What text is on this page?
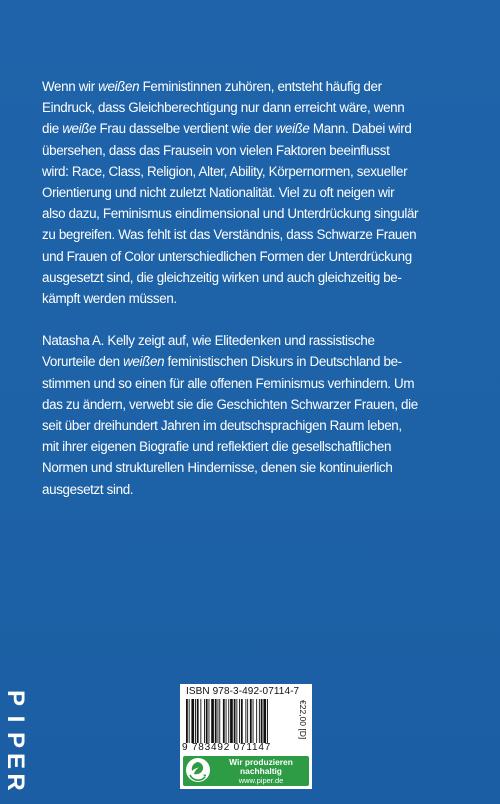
Wenn wir weißen Feministinnen zuhören, entsteht häufig der
Eindruck, dass Gleichberechtigung nur dann erreicht wäre, wenn
die weiße Frau dasselbe verdient wie der weiße Mann. Dabei wird
übersehen, dass das Frausein von vielen Faktoren beeinflusst
wird: Race, Class, Religion, Alter, Ability, Körpernormen, sexueller
Orientierung und nicht zuletzt Nationalität. Viel zu oft neigen wir
also dazu, Feminismus eindimensional und Unterdrückung singulär
zu begreifen. Was fehlt ist das Verständnis, dass Schwarze Frauen
und Frauen of Color unterschiedlichen Formen der Unterdrückung
ausgesetzt sind, die gleichzeitig wirken und auch gleichzeitig be-
kämpft werden müssen.

Natasha A. Kelly zeigt auf, wie Elitedenken und rassistische
Vorurteile den weißen feministischen Diskurs in Deutschland be-
stimmen und so einen für alle offenen Feminismus verhindern. Um
das zu ändern, verwebt sie die Geschichten Schwarzer Frauen, die
seit über dreihundert Jahren im deutschsprachigen Raum leben,
mit ihrer eigenen Biografie und reflektiert die gesellschaftlichen
Normen und strukturellen Hindernisse, denen sie kontinuierlich
ausgesetzt sind.

P
I
P
E
R
ISBN 978-3-492-07114-7
€22,00 [D]
9 783492 071147
Wir produzieren
nachhaltig
www.piper.de
